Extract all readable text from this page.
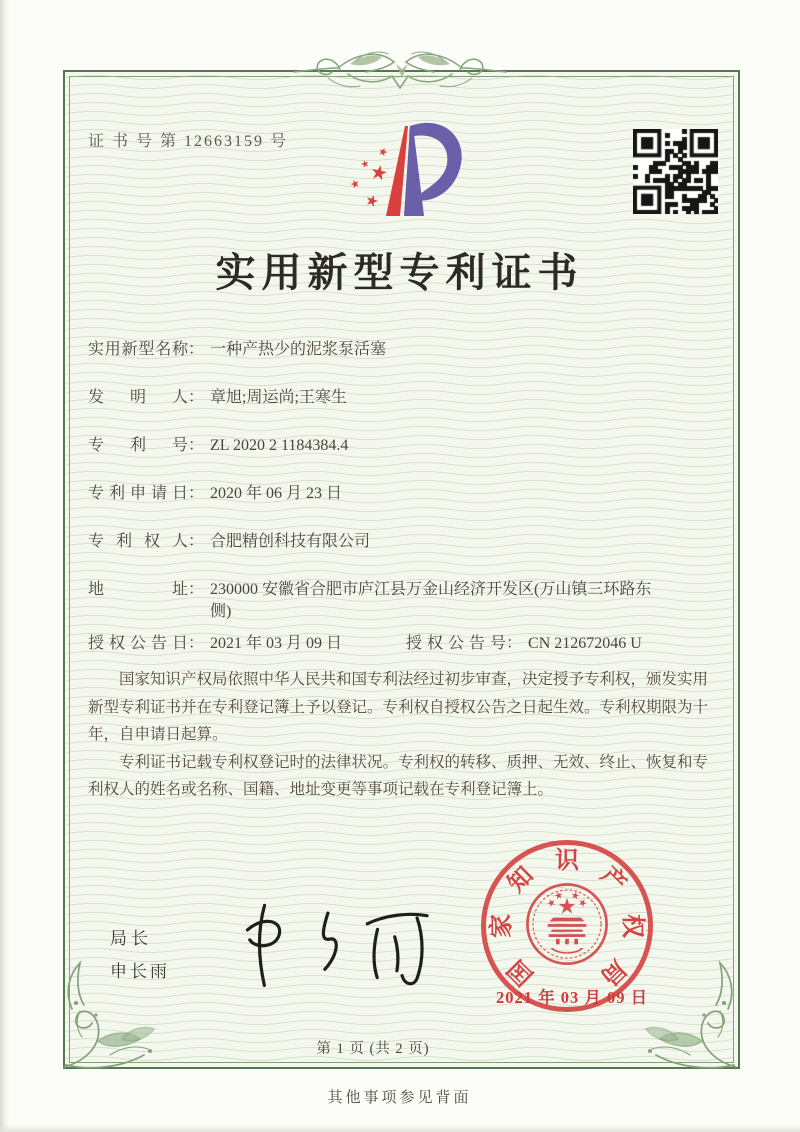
证 书 号 第 12663159 号
实用新型专利证书
实用新型名称 ： 一种产热少的泥浆泵活塞
发明人 ： 章旭;周运尚;王寒生
专利号 ： ZL 2020 2 1184384.4
专利申请日 ： 2020 年 06 月 23 日
专利权人 ： 合肥精创科技有限公司
地址 ： 230000 安徽省合肥市庐江县万金山经济开发区(万山镇三环路东侧)
授权公告日 ： 2021 年 03 月 09 日	授权公告号 ： CN 212672046 U

国家知识产权局依照中华人民共和国专利法经过初步审查，决定授予专利权，颁发实用新型专利证书并在专利登记簿上予以登记。专利权自授权公告之日起生效。专利权期限为十年，自申请日起算。

专利证书记载专利权登记时的法律状况。专利权的转移、质押、无效、终止、恢复和专利权人的姓名或名称、国籍、地址变更等事项记载在专利登记簿上。

局长
申长雨	国
家
知
识
产
权
局
2021 年 03 月 09 日
第 1 页 (共 2 页)
其他事项参见背面
